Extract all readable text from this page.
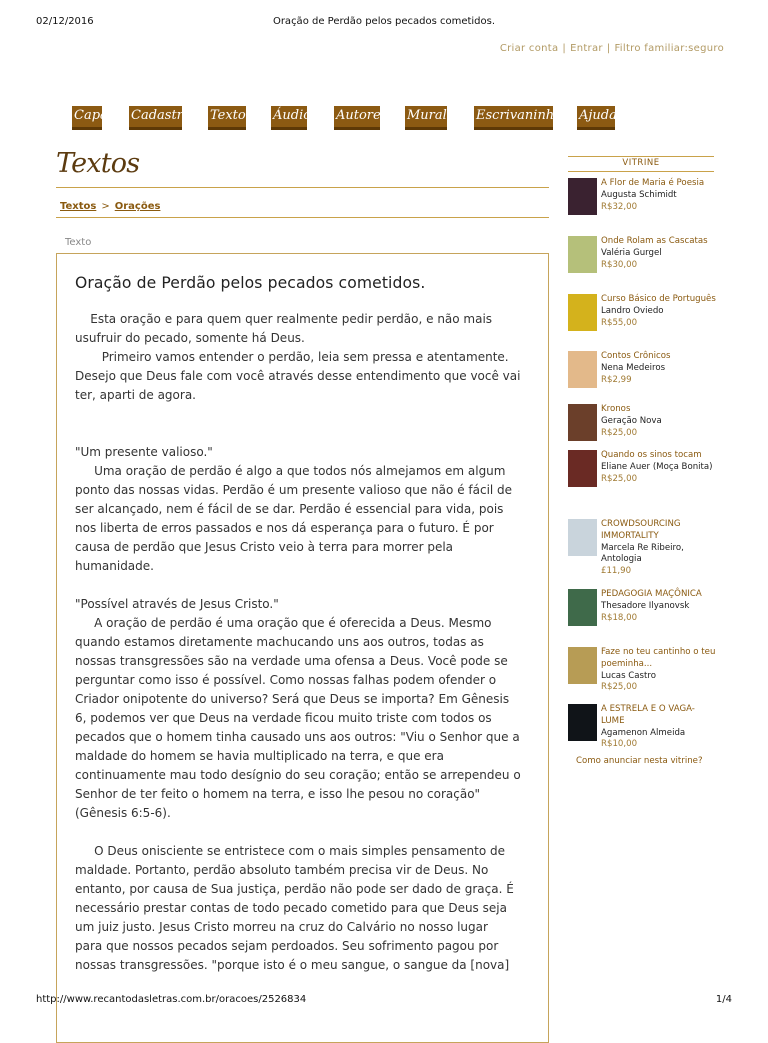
02/12/2016	Oração de Perdão pelos pecados cometidos.
Criar conta | Entrar | Filtro familiar:seguro
Capa Cadastro Textos Áudios Autores Mural Escrivaninha Ajuda
Textos
Textos > Orações
Texto
Oração de Perdão pelos pecados cometidos.
Esta oração e para quem quer realmente pedir perdão, e não mais
usufruir do pecado, somente há Deus.
Primeiro vamos entender o perdão, leia sem pressa e atentamente.
Desejo que Deus fale com você através desse entendimento que você vai
ter, aparti de agora.
"Um presente valioso."
Uma oração de perdão é algo a que todos nós almejamos em algum
ponto das nossas vidas. Perdão é um presente valioso que não é fácil de
ser alcançado, nem é fácil de se dar. Perdão é essencial para vida, pois
nos liberta de erros passados e nos dá esperança para o futuro. É por
causa de perdão que Jesus Cristo veio à terra para morrer pela
humanidade.
"Possível através de Jesus Cristo."
A oração de perdão é uma oração que é oferecida a Deus. Mesmo
quando estamos diretamente machucando uns aos outros, todas as
nossas transgressões são na verdade uma ofensa a Deus. Você pode se
perguntar como isso é possível. Como nossas falhas podem ofender o
Criador onipotente do universo? Será que Deus se importa? Em Gênesis
6, podemos ver que Deus na verdade ficou muito triste com todos os
pecados que o homem tinha causado uns aos outros: "Viu o Senhor que a
maldade do homem se havia multiplicado na terra, e que era
continuamente mau todo desígnio do seu coração; então se arrependeu o
Senhor de ter feito o homem na terra, e isso lhe pesou no coração"
(Gênesis 6:5-6).
O Deus onisciente se entristece com o mais simples pensamento de
maldade. Portanto, perdão absoluto também precisa vir de Deus. No
entanto, por causa de Sua justiça, perdão não pode ser dado de graça. É
necessário prestar contas de todo pecado cometido para que Deus seja
um juiz justo. Jesus Cristo morreu na cruz do Calvário no nosso lugar
para que nossos pecados sejam perdoados. Seu sofrimento pagou por
nossas transgressões. "porque isto é o meu sangue, o sangue da [nova]
VITRINE
A Flor de Maria é Poesia
Augusta Schimidt
R$32,00
Onde Rolam as Cascatas
Valéria Gurgel
R$30,00
Curso Básico de Português
Landro Oviedo
R$55,00
Contos Crônicos
Nena Medeiros
R$2,99
Kronos
Geração Nova
R$25,00
Quando os sinos tocam
Eliane Auer (Moça Bonita)
R$25,00
CROWDSOURCING IMMORTALITY
Marcela Re Ribeiro, Antologia
£11,90
PEDAGOGIA MAÇÔNICA
Thesadore Ilyanovsk
R$18,00
Faze no teu cantinho o teu poeminha...
Lucas Castro
R$25,00
A ESTRELA E O VAGA-LUME
Agamenon Almeida
R$10,00
Como anunciar nesta vitrine?
http://www.recantodasletras.com.br/oracoes/2526834	1/4
